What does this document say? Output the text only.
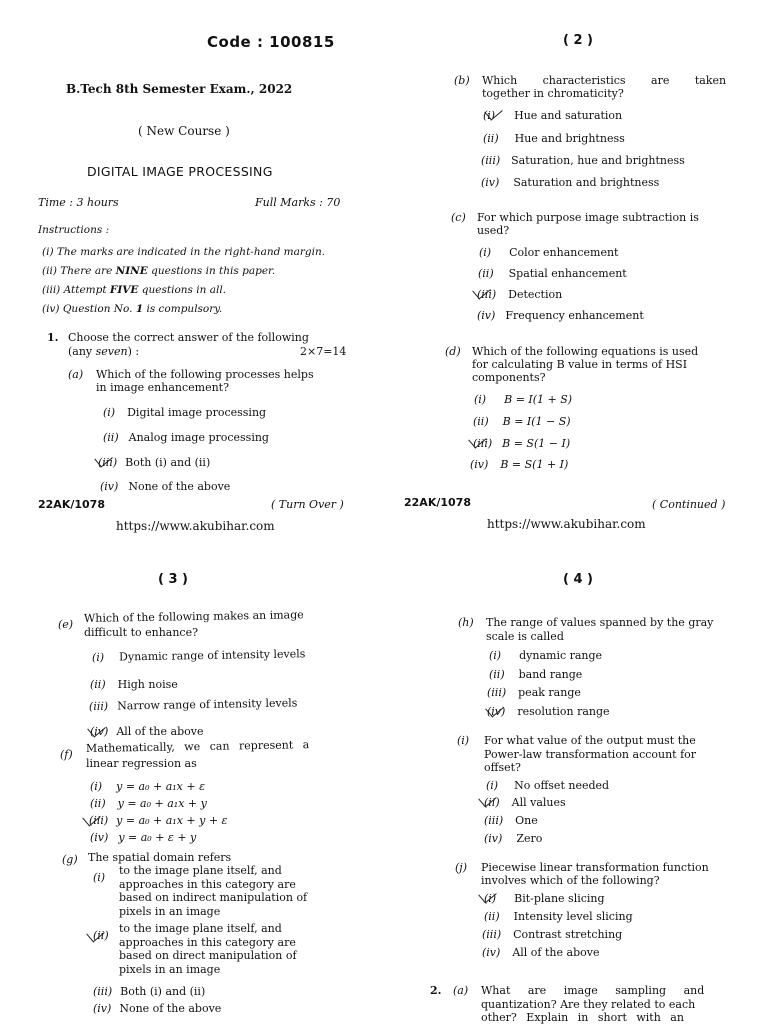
Code : 100815
B.Tech 8th Semester Exam., 2022
( New Course )
DIGITAL IMAGE PROCESSING
Time : 3 hours	Full Marks : 70
Instructions :
(i) The marks are indicated in the right-hand margin.
(ii) There are NINE questions in this paper.
(iii) Attempt FIVE questions in all.
(iv) Question No. 1 is compulsory.
1. Choose the correct answer of the following
(any seven) :	2×7=14
(a) Which of the following processes helps
in image enhancement?
(i) Digital image processing
(ii) Analog image processing
(iii) Both (i) and (ii)
(iv) None of the above
22AK/1078	( Turn Over )
https://www.akubihar.com
( 2 )
(b) Which characteristics are taken
together in chromaticity?
(i) Hue and saturation
(ii) Hue and brightness
(iii) Saturation, hue and brightness
(iv) Saturation and brightness
(c) For which purpose image subtraction is
used?
(i) Color enhancement
(ii) Spatial enhancement
(iii) Detection
(iv) Frequency enhancement
(d) Which of the following equations is used
for calculating B value in terms of HSI
components?
(i) B = I(1 + S)
(ii) B = I(1 − S)
(iii) B = S(1 − I)
(iv) B = S(1 + I)
22AK/1078	( Continued )
https://www.akubihar.com
( 3 )
(e) Which of the following makes an image
difficult to enhance?
(i) Dynamic range of intensity levels
(ii) High noise
(iii) Narrow range of intensity levels
(iv) All of the above
(f) Mathematically, we can represent a
linear regression as
(i) y = a₀ + a₁x + ε
(ii) y = a₀ + a₁x + y
(iii) y = a₀ + a₁x + y + ε
(iv) y = a₀ + ε + y
(g) The spatial domain refers
(i)
to the image plane itself, and
approaches in this category are
based on indirect manipulation of
pixels in an image
(ii)
to the image plane itself, and
approaches in this category are
based on direct manipulation of
pixels in an image
(iii) Both (i) and (ii)
(iv) None of the above
( 4 )
(h) The range of values spanned by the gray
scale is called
(i) dynamic range
(ii) band range
(iii) peak range
(iv) resolution range
(i) For what value of the output must the
Power-law transformation account for
offset?
(i) No offset needed
(ii) All values
(iii) One
(iv) Zero
(j) Piecewise linear transformation function
involves which of the following?
(i) Bit-plane slicing
(ii) Intensity level slicing
(iii) Contrast stretching
(iv) All of the above
2. (a) What are image sampling and
quantization? Are they related to each
other? Explain in short with an
